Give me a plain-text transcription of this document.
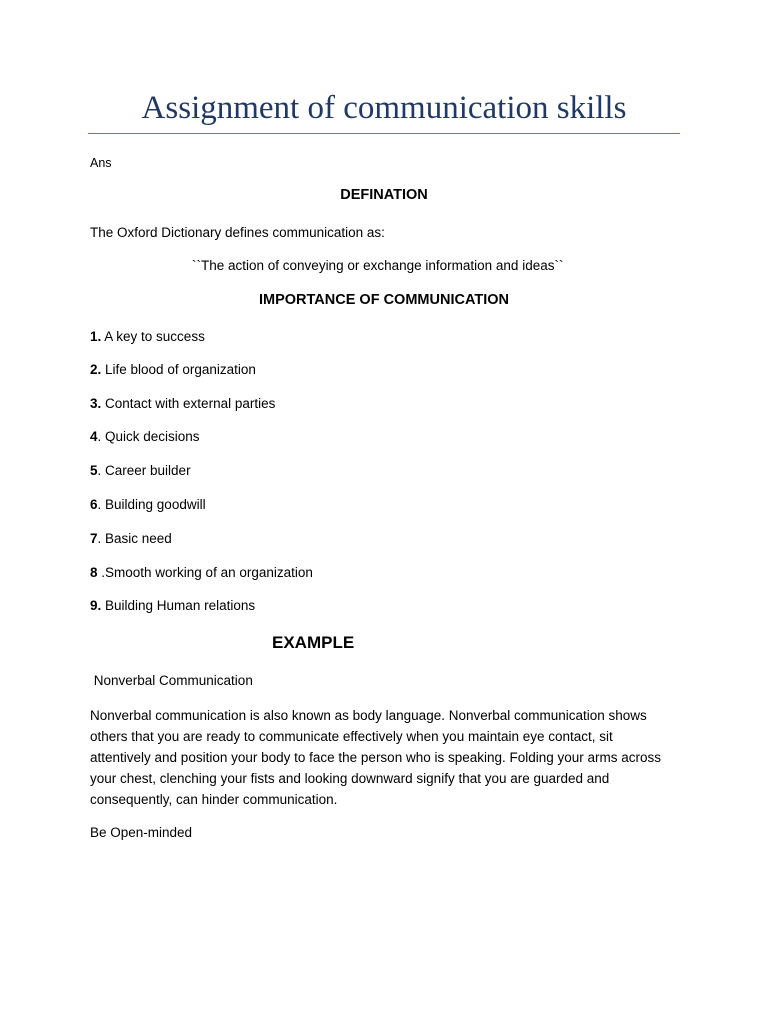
Assignment of communication skills
Ans
DEFINATION
The Oxford Dictionary defines communication as:
``The action of conveying or exchange information and ideas``
IMPORTANCE OF COMMUNICATION
1. A key to success
2. Life blood of organization
3. Contact with external parties
4. Quick decisions
5. Career builder
6. Building goodwill
7. Basic need
8 .Smooth working of an organization
9. Building Human relations
EXAMPLE
Nonverbal Communication
Nonverbal communication is also known as body language. Nonverbal communication shows
others that you are ready to communicate effectively when you maintain eye contact, sit
attentively and position your body to face the person who is speaking. Folding your arms across
your chest, clenching your fists and looking downward signify that you are guarded and
consequently, can hinder communication.
Be Open-minded
